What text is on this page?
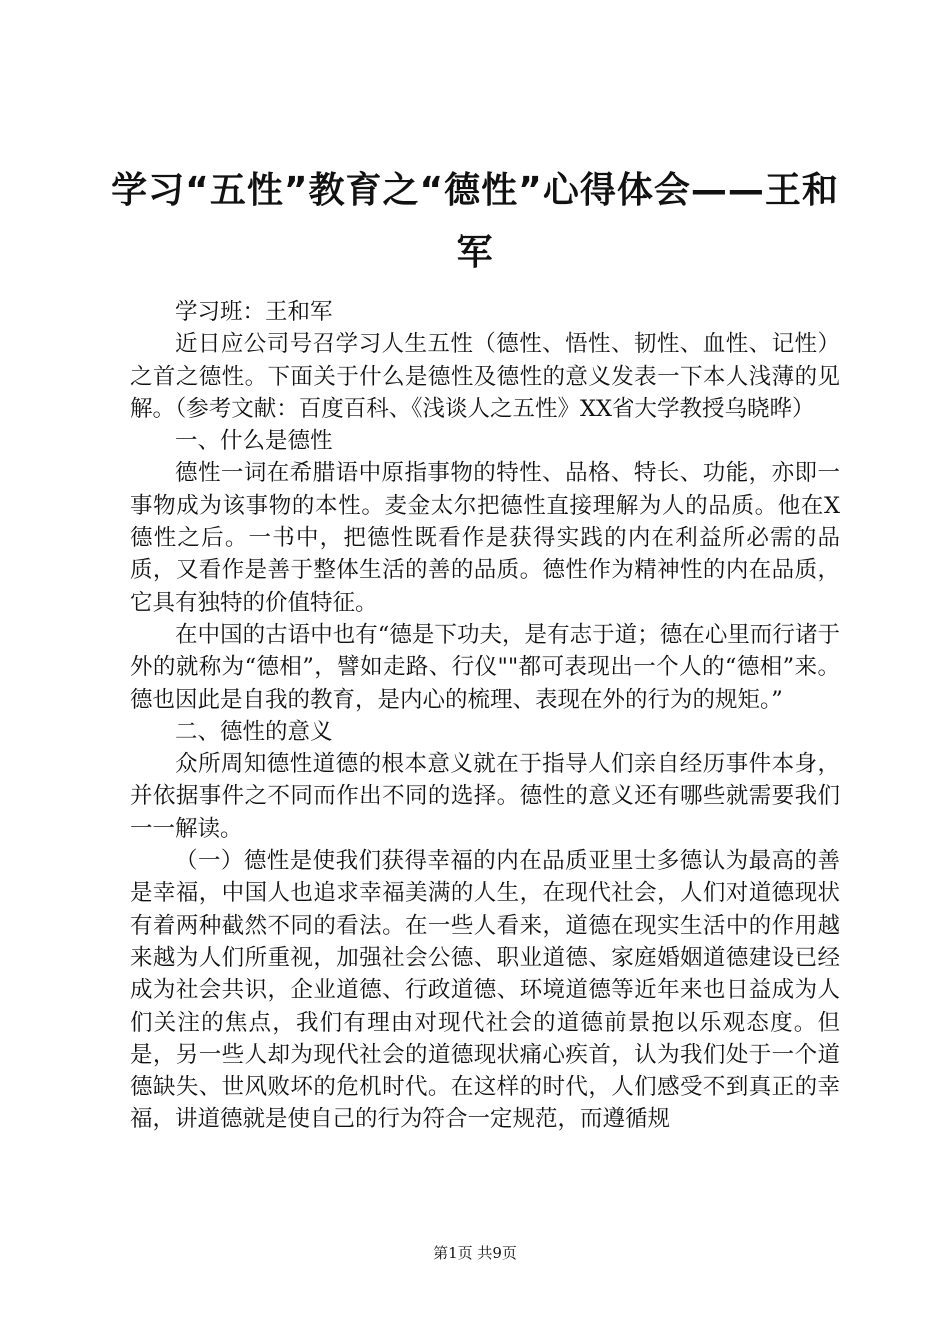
学习“五性”教育之“德性”心得体会——王和军

学习班：王和军

近日应公司号召学习人生五性（德性、悟性、韧性、血性、记性）之首之德性。下面关于什么是德性及德性的意义发表一下本人浅薄的见解。（参考文献：百度百科、《浅谈人之五性》XX省大学教授乌晓晔）

一、什么是德性

德性一词在希腊语中原指事物的特性、品格、特长、功能，亦即一事物成为该事物的本性。麦金太尔把德性直接理解为人的品质。他在X德性之后。一书中，把德性既看作是获得实践的内在利益所必需的品质，又看作是善于整体生活的善的品质。德性作为精神性的内在品质，它具有独特的价值特征。

在中国的古语中也有“德是下功夫，是有志于道；德在心里而行诸于外的就称为“德相”，譬如走路、行仪""都可表现出一个人的“德相”来。德也因此是自我的教育，是内心的梳理、表现在外的行为的规矩。”

二、德性的意义

众所周知德性道德的根本意义就在于指导人们亲自经历事件本身，并依据事件之不同而作出不同的选择。德性的意义还有哪些就需要我们一一解读。

（一）德性是使我们获得幸福的内在品质亚里士多德认为最高的善是幸福，中国人也追求幸福美满的人生，在现代社会，人们对道德现状有着两种截然不同的看法。在一些人看来，道德在现实生活中的作用越来越为人们所重视，加强社会公德、职业道德、家庭婚姻道德建设已经成为社会共识，企业道德、行政道德、环境道德等近年来也日益成为人们关注的焦点，我们有理由对现代社会的道德前景抱以乐观态度。但是，另一些人却为现代社会的道德现状痛心疾首，认为我们处于一个道德缺失、世风败坏的危机时代。在这样的时代，人们感受不到真正的幸福，讲道德就是使自己的行为符合一定规范，而遵循规

第1页 共9页
